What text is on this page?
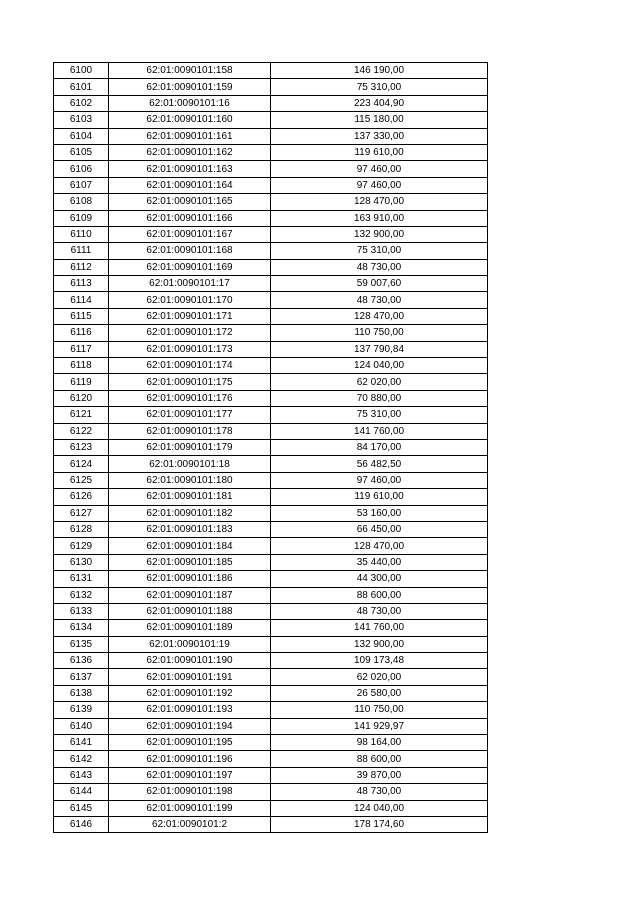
6100	62:01:0090101:158	146 190,00
6101	62:01:0090101:159	75 310,00
6102	62:01:0090101:16	223 404,90
6103	62:01:0090101:160	115 180,00
6104	62:01:0090101:161	137 330,00
6105	62:01:0090101:162	119 610,00
6106	62:01:0090101:163	97 460,00
6107	62:01:0090101:164	97 460,00
6108	62:01:0090101:165	128 470,00
6109	62:01:0090101:166	163 910,00
6110	62:01:0090101:167	132 900,00
6111	62:01:0090101:168	75 310,00
6112	62:01:0090101:169	48 730,00
6113	62:01:0090101:17	59 007,60
6114	62:01:0090101:170	48 730,00
6115	62:01:0090101:171	128 470,00
6116	62:01:0090101:172	110 750,00
6117	62:01:0090101:173	137 790,84
6118	62:01:0090101:174	124 040,00
6119	62:01:0090101:175	62 020,00
6120	62:01:0090101:176	70 880,00
6121	62:01:0090101:177	75 310,00
6122	62:01:0090101:178	141 760,00
6123	62:01:0090101:179	84 170,00
6124	62:01:0090101:18	56 482,50
6125	62:01:0090101:180	97 460,00
6126	62:01:0090101:181	119 610,00
6127	62:01:0090101:182	53 160,00
6128	62:01:0090101:183	66 450,00
6129	62:01:0090101:184	128 470,00
6130	62:01:0090101:185	35 440,00
6131	62:01:0090101:186	44 300,00
6132	62:01:0090101:187	88 600,00
6133	62:01:0090101:188	48 730,00
6134	62:01:0090101:189	141 760,00
6135	62:01:0090101:19	132 900,00
6136	62:01:0090101:190	109 173,48
6137	62:01:0090101:191	62 020,00
6138	62:01:0090101:192	26 580,00
6139	62:01:0090101:193	110 750,00
6140	62:01:0090101:194	141 929,97
6141	62:01:0090101:195	98 164,00
6142	62:01:0090101:196	88 600,00
6143	62:01:0090101:197	39 870,00
6144	62:01:0090101:198	48 730,00
6145	62:01:0090101:199	124 040,00
6146	62:01:0090101:2	178 174,60
